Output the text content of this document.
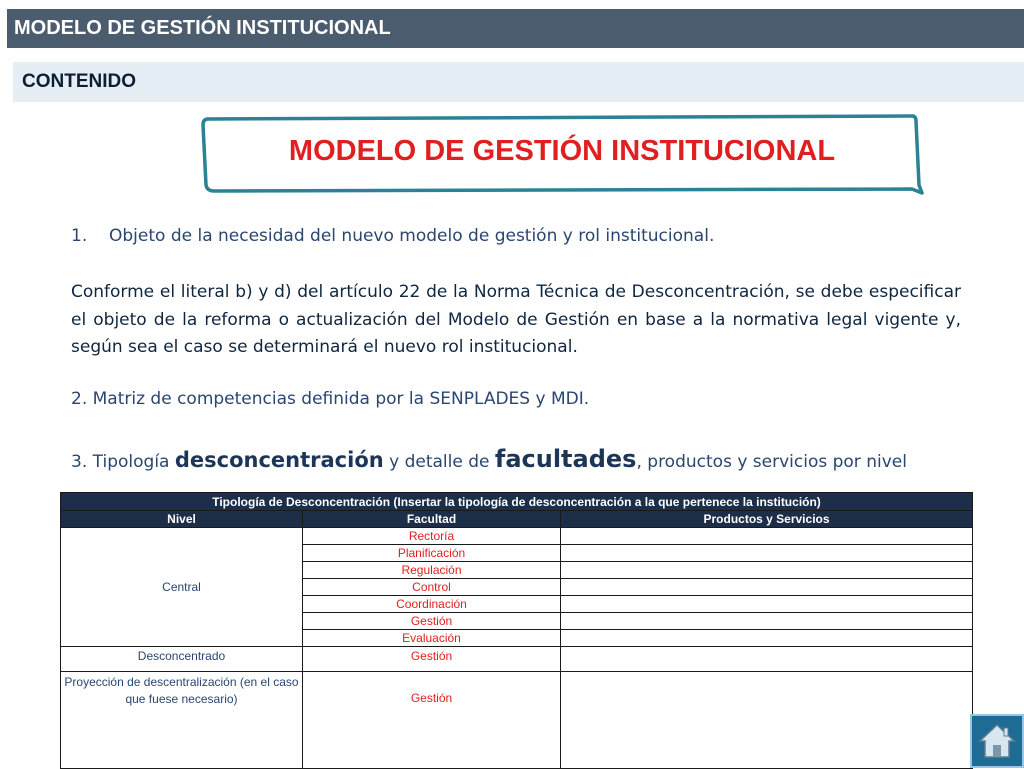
MODELO DE GESTIÓN INSTITUCIONAL
CONTENIDO
MODELO DE GESTIÓN INSTITUCIONAL

1. Objeto de la necesidad del nuevo modelo de gestión y rol institucional.

Conforme el literal b) y d) del artículo 22 de la Norma Técnica de Desconcentración, se debe especificar el objeto de la reforma o actualización del Modelo de Gestión en base a la normativa legal vigente y, según sea el caso se determinará el nuevo rol institucional.

2. Matriz de competencias definida por la SENPLADES y MDI.

3. Tipología desconcentración y detalle de facultades, productos y servicios por nivel

Tipología de Desconcentración (Insertar la tipología de desconcentración a la que pertenece la institución)		
Nivel	Facultad	Productos y Servicios
Central	Rectoría	
	Planificación	
	Regulación	
	Control	
	Coordinación	
	Gestión	
	Evaluación	
Desconcentrado	Gestión	
Proyección de descentralización (en el caso que fuese necesario)	Gestión	
